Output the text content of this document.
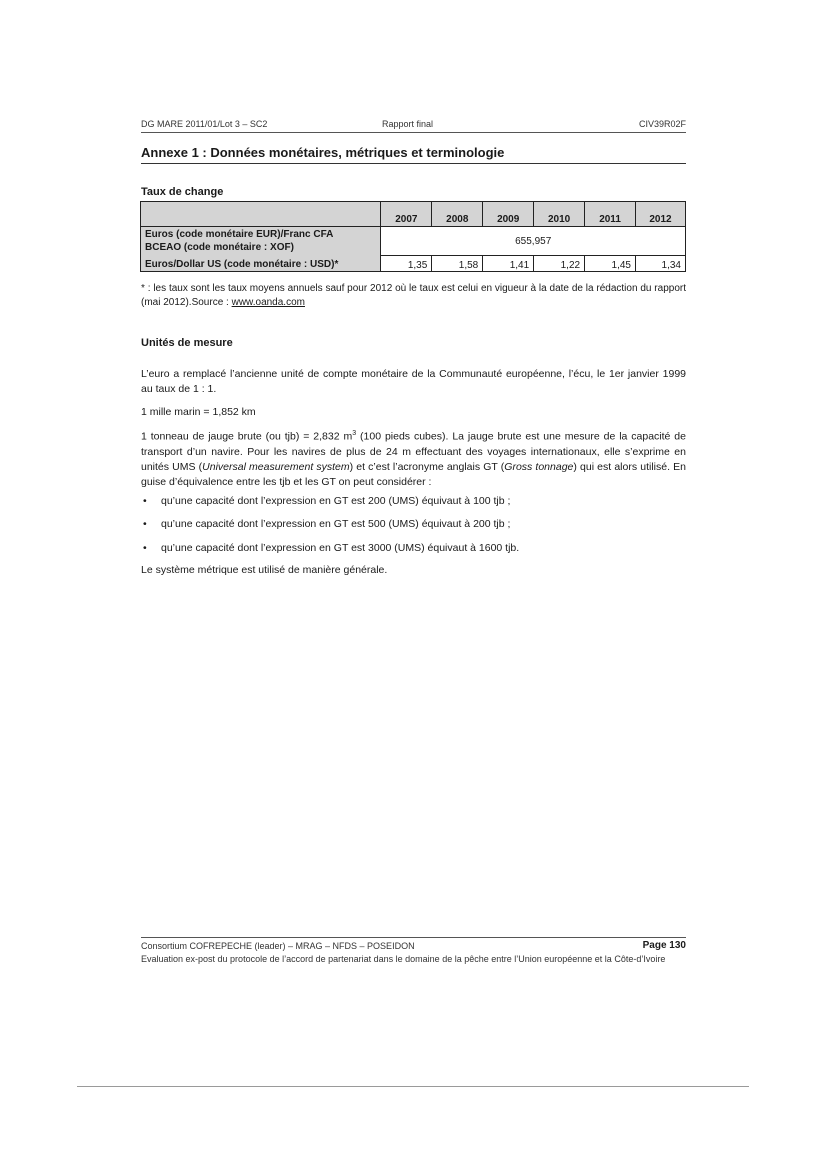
DG MARE 2011/01/Lot 3 – SC2	Rapport final	CIV39R02F
Annexe 1 : Données monétaires, métriques et terminologie
Taux de change
	2007	2008	2009	2010	2011	2012

Euros (code monétaire EUR)/Franc CFA
BCEAO (code monétaire : XOF)	655,957					
Euros/Dollar US (code monétaire : USD)*	1,35	1,58	1,41	1,22	1,45	1,34
* : les taux sont les taux moyens annuels sauf pour 2012 où le taux est celui en vigueur à la date de la rédaction du rapport (mai 2012).Source : www.oanda.com
Unités de mesure

L’euro a remplacé l’ancienne unité de compte monétaire de la Communauté européenne, l’écu, le 1er janvier 1999 au taux de 1 : 1.

1 mille marin = 1,852 km

1 tonneau de jauge brute (ou tjb) = 2,832 $m^3$ (100 pieds cubes). La jauge brute est une mesure de la capacité de transport d’un navire. Pour les navires de plus de 24 m effectuant des voyages internationaux, elle s’exprime en unités UMS (Universal measurement system) et c’est l’acronyme anglais GT (Gross tonnage) qui est alors utilisé. En guise d’équivalence entre les tjb et les GT on peut considérer :

• qu’une capacité dont l’expression en GT est 200 (UMS) équivaut à 100 tjb ;
• qu’une capacité dont l’expression en GT est 500 (UMS) équivaut à 200 tjb ;
• qu’une capacité dont l’expression en GT est 3000 (UMS) équivaut à 1600 tjb.

Le système métrique est utilisé de manière générale.

Consortium COFREPECHE (leader) – MRAG – NFDS – POSEIDON	Page 130
Evaluation ex-post du protocole de l’accord de partenariat dans le domaine de la pêche entre l’Union européenne et la Côte-d’Ivoire
